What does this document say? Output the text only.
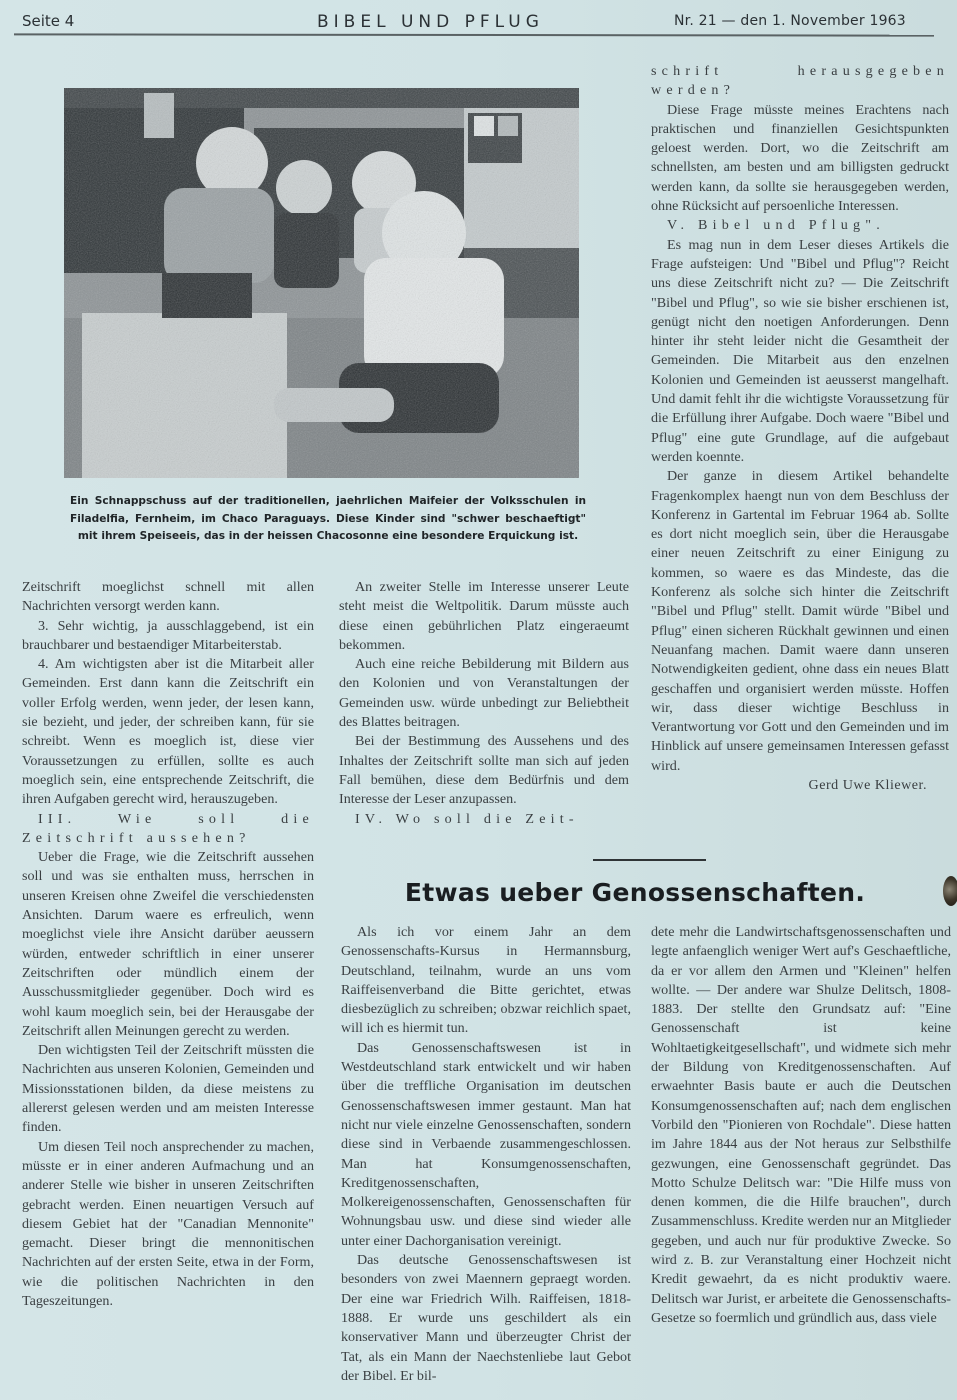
Seite 4	BIBEL UND PFLUG	Nr. 21 — den 1. November 1963
Ein Schnappschuss auf der traditionellen, jaehrlichen Maifeier der Volksschulen in Filadelfia, Fernheim, im Chaco Paraguays. Diese Kinder sind "schwer beschaeftigt" mit ihrem Speiseeis, das in der heissen Chacosonne eine besondere Erquickung ist.

Zeitschrift moeglichst schnell mit allen Nachrichten versorgt werden kann.

3. Sehr wichtig, ja ausschlaggebend, ist ein brauchbarer und bestaendiger Mitarbeiterstab.

4. Am wichtigsten aber ist die Mitarbeit aller Gemeinden. Erst dann kann die Zeitschrift ein voller Erfolg werden, wenn jeder, der lesen kann, sie bezieht, und jeder, der schreiben kann, für sie schreibt. Wenn es moeglich ist, diese vier Voraussetzungen zu erfüllen, sollte es auch moeglich sein, eine entsprechende Zeitschrift, die ihren Aufgaben gerecht wird, herauszugeben.

III. Wie soll die Zeitschrift aussehen?

Ueber die Frage, wie die Zeitschrift aussehen soll und was sie enthalten muss, herrschen in unseren Kreisen ohne Zweifel die verschiedensten Ansichten. Darum waere es erfreulich, wenn moeglichst viele ihre Ansicht darüber aeussern würden, entweder schriftlich in einer unserer Zeitschriften oder mündlich einem der Ausschussmitglieder gegenüber. Doch wird es wohl kaum moeglich sein, bei der Herausgabe der Zeitschrift allen Meinungen gerecht zu werden.

Den wichtigsten Teil der Zeitschrift müssten die Nachrichten aus unseren Kolonien, Gemeinden und Missionsstationen bilden, da diese meistens zu allererst gelesen werden und am meisten Interesse finden.

Um diesen Teil noch ansprechender zu machen, müsste er in einer anderen Aufmachung und an anderer Stelle wie bisher in unseren Zeitschriften gebracht werden. Einen neuartigen Versuch auf diesem Gebiet hat der "Canadian Mennonite" gemacht. Dieser bringt die mennonitischen Nachrichten auf der ersten Seite, etwa in der Form, wie die politischen Nachrichten in den Tageszeitungen.

An zweiter Stelle im Interesse unserer Leute steht meist die Weltpolitik. Darum müsste auch diese einen gebührlichen Platz eingeraeumt bekommen.

Auch eine reiche Bebilderung mit Bildern aus den Kolonien und von Veranstaltungen der Gemeinden usw. würde unbedingt zur Beliebtheit des Blattes beitragen.

Bei der Bestimmung des Aussehens und des Inhaltes der Zeitschrift sollte man sich auf jeden Fall bemühen, diese dem Bedürfnis und dem Interesse der Leser anzupassen.

IV. Wo soll die Zeit-

schrift herausgegeben werden?

Diese Frage müsste meines Erachtens nach praktischen und finanziellen Gesichtspunkten geloest werden. Dort, wo die Zeitschrift am schnellsten, am besten und am billigsten gedruckt werden kann, da sollte sie herausgegeben werden, ohne Rücksicht auf persoenliche Interessen.

V. Bibel und Pflug".

Es mag nun in dem Leser dieses Artikels die Frage aufsteigen: Und "Bibel und Pflug"? Reicht uns diese Zeitschrift nicht zu? — Die Zeitschrift "Bibel und Pflug", so wie sie bisher erschienen ist, genügt nicht den noetigen Anforderungen. Denn hinter ihr steht leider nicht die Gesamtheit der Gemeinden. Die Mitarbeit aus den enzelnen Kolonien und Gemeinden ist aeusserst mangelhaft. Und damit fehlt ihr die wichtigste Voraussetzung für die Erfüllung ihrer Aufgabe. Doch waere "Bibel und Pflug" eine gute Grundlage, auf die aufgebaut werden koennte.

Der ganze in diesem Artikel behandelte Fragenkomplex haengt nun von dem Beschluss der Konferenz in Gartental im Februar 1964 ab. Sollte es dort nicht moeglich sein, über die Herausgabe einer neuen Zeitschrift zu einer Einigung zu kommen, so waere es das Mindeste, das die Konferenz als solche sich hinter die Zeitschrift "Bibel und Pflug" stellt. Damit würde "Bibel und Pflug" einen sicheren Rückhalt gewinnen und einen Neuanfang machen. Damit waere dann unseren Notwendigkeiten gedient, ohne dass ein neues Blatt geschaffen und organisiert werden müsste. Hoffen wir, dass dieser wichtige Beschluss in Verantwortung vor Gott und den Gemeinden und im Hinblick auf unsere gemeinsamen Interessen gefasst wird.

Gerd Uwe Kliewer.

Etwas ueber Genossenschaften.

Als ich vor einem Jahr an dem Genossenschafts-Kursus in Hermannsburg, Deutschland, teilnahm, wurde an uns vom Raiffeisenverband die Bitte gerichtet, etwas diesbezüglich zu schreiben; obzwar reichlich spaet, will ich es hiermit tun.

Das Genossenschaftswesen ist in Westdeutschland stark entwickelt und wir haben über die treffliche Organisation im deutschen Genossenschaftswesen immer gestaunt. Man hat nicht nur viele einzelne Genossenschaften, sondern diese sind in Verbaende zusammengeschlossen. Man hat Konsumgenossenschaften, Kreditgenossenschaften, Molkereigenossenschaften, Genossenschaften für Wohnungsbau usw. und diese sind wieder alle unter einer Dachorganisation vereinigt.

Das deutsche Genossenschaftswesen ist besonders von zwei Maennern gepraegt worden. Der eine war Friedrich Wilh. Raiffeisen, 1818-1888. Er wurde uns geschildert als ein konservativer Mann und überzeugter Christ der Tat, als ein Mann der Naechstenliebe laut Gebot der Bibel. Er bil-

dete mehr die Landwirtschaftsgenossenschaften und legte anfaenglich weniger Wert auf's Geschaeftliche, da er vor allem den Armen und "Kleinen" helfen wollte. — Der andere war Shulze Delitsch, 1808-1883. Der stellte den Grundsatz auf: "Eine Genossenschaft ist keine Wohltaetigkeitgesellschaft", und widmete sich mehr der Bildung von Kreditgenossenschaften. Auf erwaehnter Basis baute er auch die Deutschen Konsumgenossenschaften auf; nach dem englischen Vorbild den "Pionieren von Rochdale". Diese hatten im Jahre 1844 aus der Not heraus zur Selbsthilfe gezwungen, eine Genossenschaft gegründet. Das Motto Schulze Delitsch war: "Die Hilfe muss von denen kommen, die die Hilfe brauchen", durch Zusammenschluss. Kredite werden nur an Mitglieder gegeben, und auch nur für produktive Zwecke. So wird z. B. zur Veranstaltung einer Hochzeit nicht Kredit gewaehrt, da es nicht produktiv waere. Delitsch war Jurist, er arbeitete die Genossenschafts-Gesetze so foermlich und gründlich aus, dass viele
